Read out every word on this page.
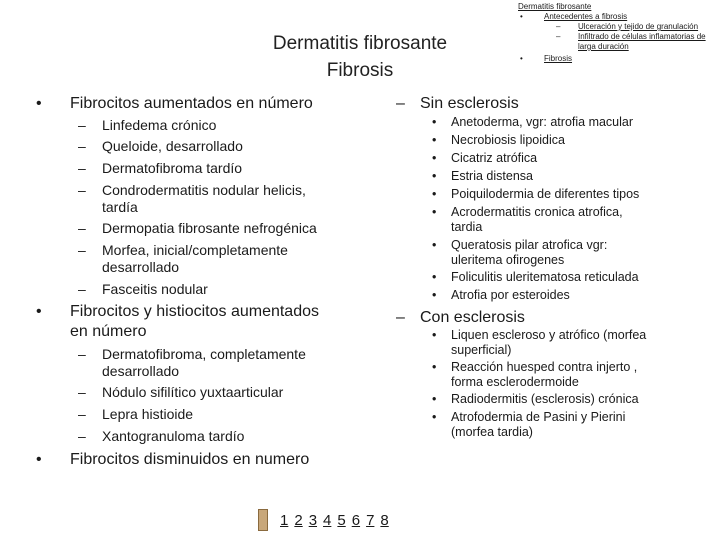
Dermatitis fibrosante
Fibrosis
Dermatitis fibrosante
•	Antecedentes a fibrosis
– Ulceración y tejido de granulación
– Infiltrado de células inflamatorias de
larga duración
•	Fibrosis
• Fibrocitos aumentados en número
– Linfedema crónico
– Queloide, desarrollado
– Dermatofibroma tardío
– Condrodermatitis nodular helicis,
tardía
– Dermopatia fibrosante nefrogénica
– Morfea, inicial/completamente
desarrollado
– Fasceitis nodular
• Fibrocitos y histiocitos aumentados
en número
– Dermatofibroma, completamente
desarrollado
– Nódulo sifilítico yuxtaarticular
– Lepra histioide
– Xantogranuloma tardío
• Fibrocitos disminuidos en numero
– Sin esclerosis
• Anetoderma, vgr: atrofia macular
• Necrobiosis lipoidica
• Cicatriz atrófica
• Estria distensa
• Poiquilodermia de diferentes tipos
• Acrodermatitis cronica atrofica,
tardia
• Queratosis pilar atrofica vgr:
uleritema ofirogenes
• Foliculitis uleritematosa reticulada
• Atrofia por esteroides
– Con esclerosis
• Liquen escleroso y atrófico (morfea
superficial)
• Reacción huesped contra injerto ,
forma esclerodermoide
• Radiodermitis (esclerosis) crónica
• Atrofodermia de Pasini y Pierini
(morfea tardia)
1 2 3 4 5 6 7 8
